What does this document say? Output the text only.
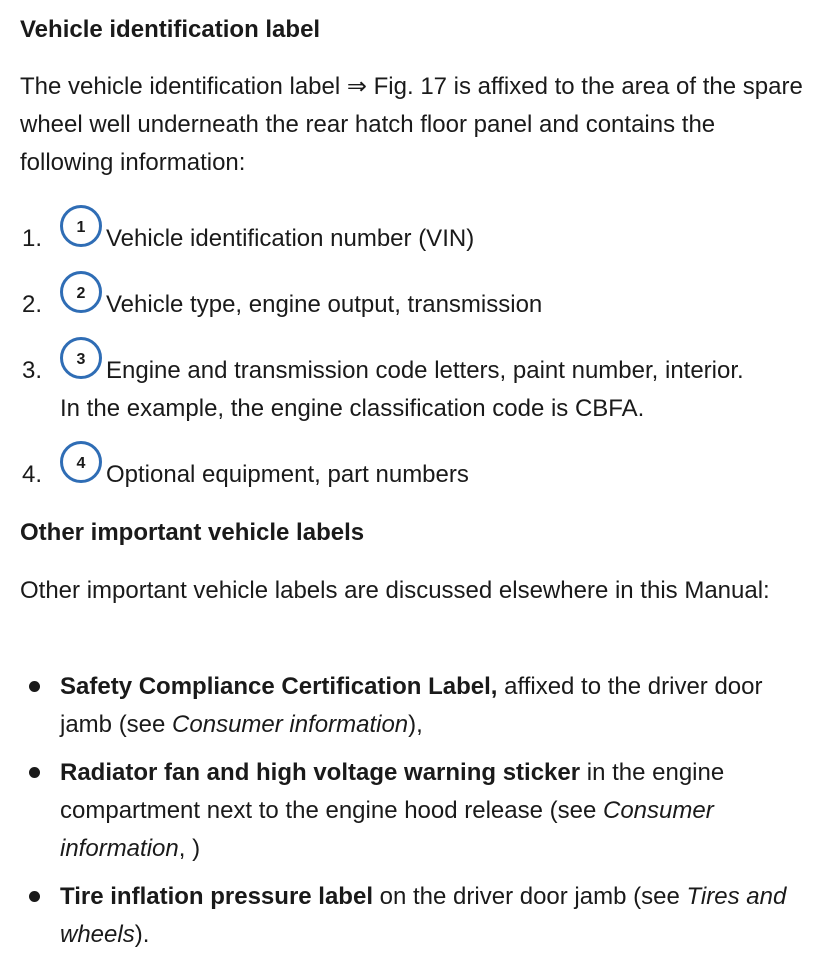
Vehicle identification label
The vehicle identification label ⇒ Fig. 17 is affixed to the area of the spare wheel well underneath the rear hatch floor panel and contains the following information:
1. 1 Vehicle identification number (VIN)
2. 2 Vehicle type, engine output, transmission
3. 3 Engine and transmission code letters, paint number, interior.
In the example, the engine classification code is CBFA.
4. 4 Optional equipment, part numbers
Other important vehicle labels
Other important vehicle labels are discussed elsewhere in this Manual:
Safety Compliance Certification Label, affixed to the driver door jamb (see Consumer information),
Radiator fan and high voltage warning sticker in the engine compartment next to the engine hood release (see Consumer information, )
Tire inflation pressure label on the driver door jamb (see Tires and wheels).
